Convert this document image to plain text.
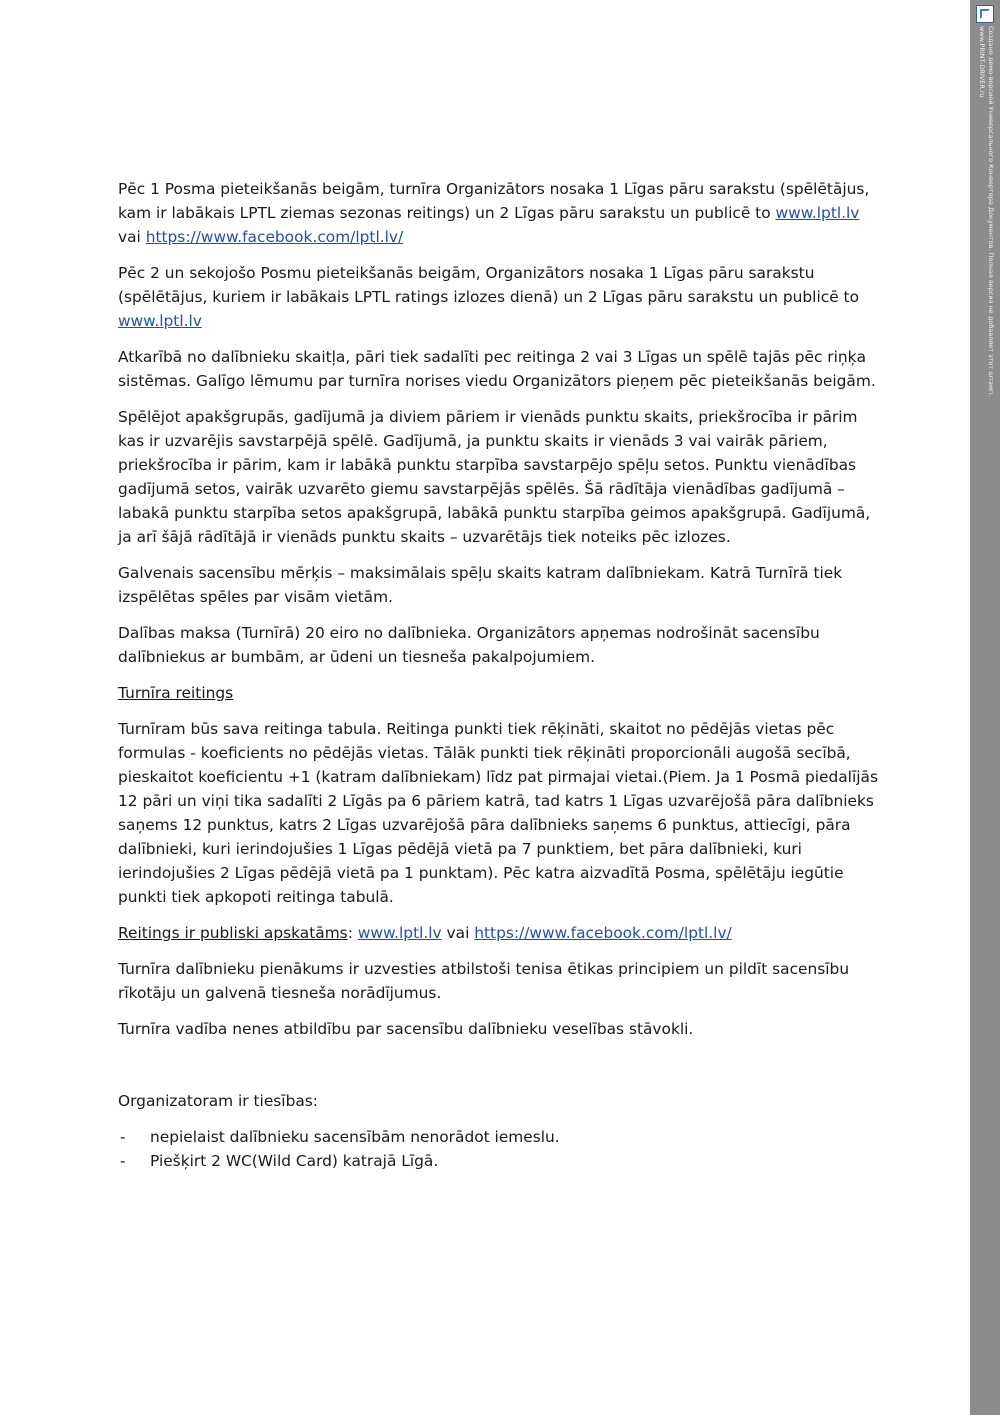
Pēc 1 Posma pieteikšanās beigām, turnīra Organizātors nosaka 1 Līgas pāru sarakstu (spēlētājus, kam ir labākais LPTL ziemas sezonas reitings) un 2 Līgas pāru sarakstu un publicē to www.lptl.lv vai https://www.facebook.com/lptl.lv/

Pēc 2 un sekojošo Posmu pieteikšanās beigām, Organizātors nosaka 1 Līgas pāru sarakstu (spēlētājus, kuriem ir labākais LPTL ratings izlozes dienā) un 2 Līgas pāru sarakstu un publicē to www.lptl.lv

Atkarībā no dalībnieku skaitļa, pāri tiek sadalīti pec reitinga 2 vai 3 Līgas un spēlē tajās pēc riņķa sistēmas. Galīgo lēmumu par turnīra norises viedu Organizātors pieņem pēc pieteikšanās beigām.

Spēlējot apakšgrupās, gadījumā ja diviem pāriem ir vienāds punktu skaits, priekšrocība ir pārim kas ir uzvarējis savstarpējā spēlē. Gadījumā, ja punktu skaits ir vienāds 3 vai vairāk pāriem, priekšrocība ir pārim, kam ir labākā punktu starpība savstarpējo spēļu setos. Punktu vienādības gadījumā setos, vairāk uzvarēto giemu savstarpējās spēlēs. Šā rādītāja vienādības gadījumā – labakā punktu starpība setos apakšgrupā, labākā punktu starpība geimos apakšgrupā. Gadījumā, ja arī šājā rādītājā ir vienāds punktu skaits – uzvarētājs tiek noteiks pēc izlozes.

Galvenais sacensību mērķis – maksimālais spēļu skaits katram dalībniekam. Katrā Turnīrā tiek izspēlētas spēles par visām vietām.

Dalības maksa (Turnīrā) 20 eiro no dalībnieka. Organizātors apņemas nodrošināt sacensību dalībniekus ar bumbām, ar ūdeni un tiesneša pakalpojumiem.

Turnīra reitings

Turnīram būs sava reitinga tabula. Reitinga punkti tiek rēķināti, skaitot no pēdējās vietas pēc formulas - koeficients no pēdējās vietas. Tālāk punkti tiek rēķināti proporcionāli augošā secībā, pieskaitot koeficientu +1 (katram dalībniekam) līdz pat pirmajai vietai.(Piem. Ja 1 Posmā piedalījās 12 pāri un viņi tika sadalīti 2 Līgās pa 6 pāriem katrā, tad katrs 1 Līgas uzvarējošā pāra dalībnieks saņems 12 punktus, katrs 2 Līgas uzvarējošā pāra dalībnieks saņems 6 punktus, attiecīgi, pāra dalībnieki, kuri ierindojušies 1 Līgas pēdējā vietā pa 7 punktiem, bet pāra dalībnieki, kuri ierindojušies 2 Līgas pēdējā vietā pa 1 punktam). Pēc katra aizvadītā Posma, spēlētāju iegūtie punkti tiek apkopoti reitinga tabulā.

Reitings ir publiski apskatāms: www.lptl.lv vai https://www.facebook.com/lptl.lv/

Turnīra dalībnieku pienākums ir uzvesties atbilstoši tenisa ētikas principiem un pildīt sacensību rīkotāju un galvenā tiesneša norādījumus.

Turnīra vadība nenes atbildību par sacensību dalībnieku veselības stāvokli.

Organizatoram ir tiesības:

- nepielaist dalībnieku sacensībām nenorādot iemeslu.
- Piešķirt 2 WC(Wild Card) katrajā Līgā.
Создано демо-версией Универсального Конвертера Документов. Полная версия не добавляет этот штамп.
www.PRINT-DRIVER.ru
